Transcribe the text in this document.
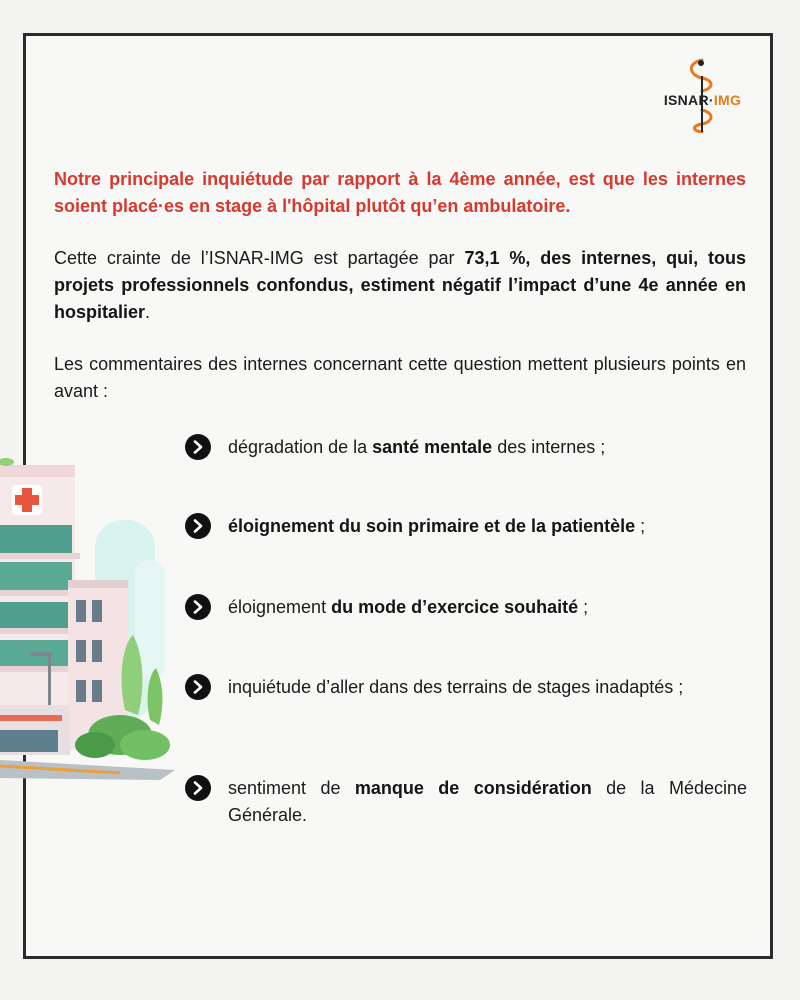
ISNAR·IMG
Notre principale inquiétude par rapport à la 4ème année, est que les internes soient placé·es en stage à l'hôpital plutôt qu’en ambulatoire.
Cette crainte de l’ISNAR-IMG est partagée par 73,1 %, des internes, qui, tous projets professionnels confondus, estiment négatif l’impact d’une 4e année en hospitalier.
Les commentaires des internes concernant cette question mettent plusieurs points en avant :
dégradation de la santé mentale des internes ;
éloignement du soin primaire et de la patientèle ;
éloignement du mode d’exercice souhaité ;
inquiétude d’aller dans des terrains de stages inadaptés ;
sentiment de manque de considération de la Médecine Générale.
